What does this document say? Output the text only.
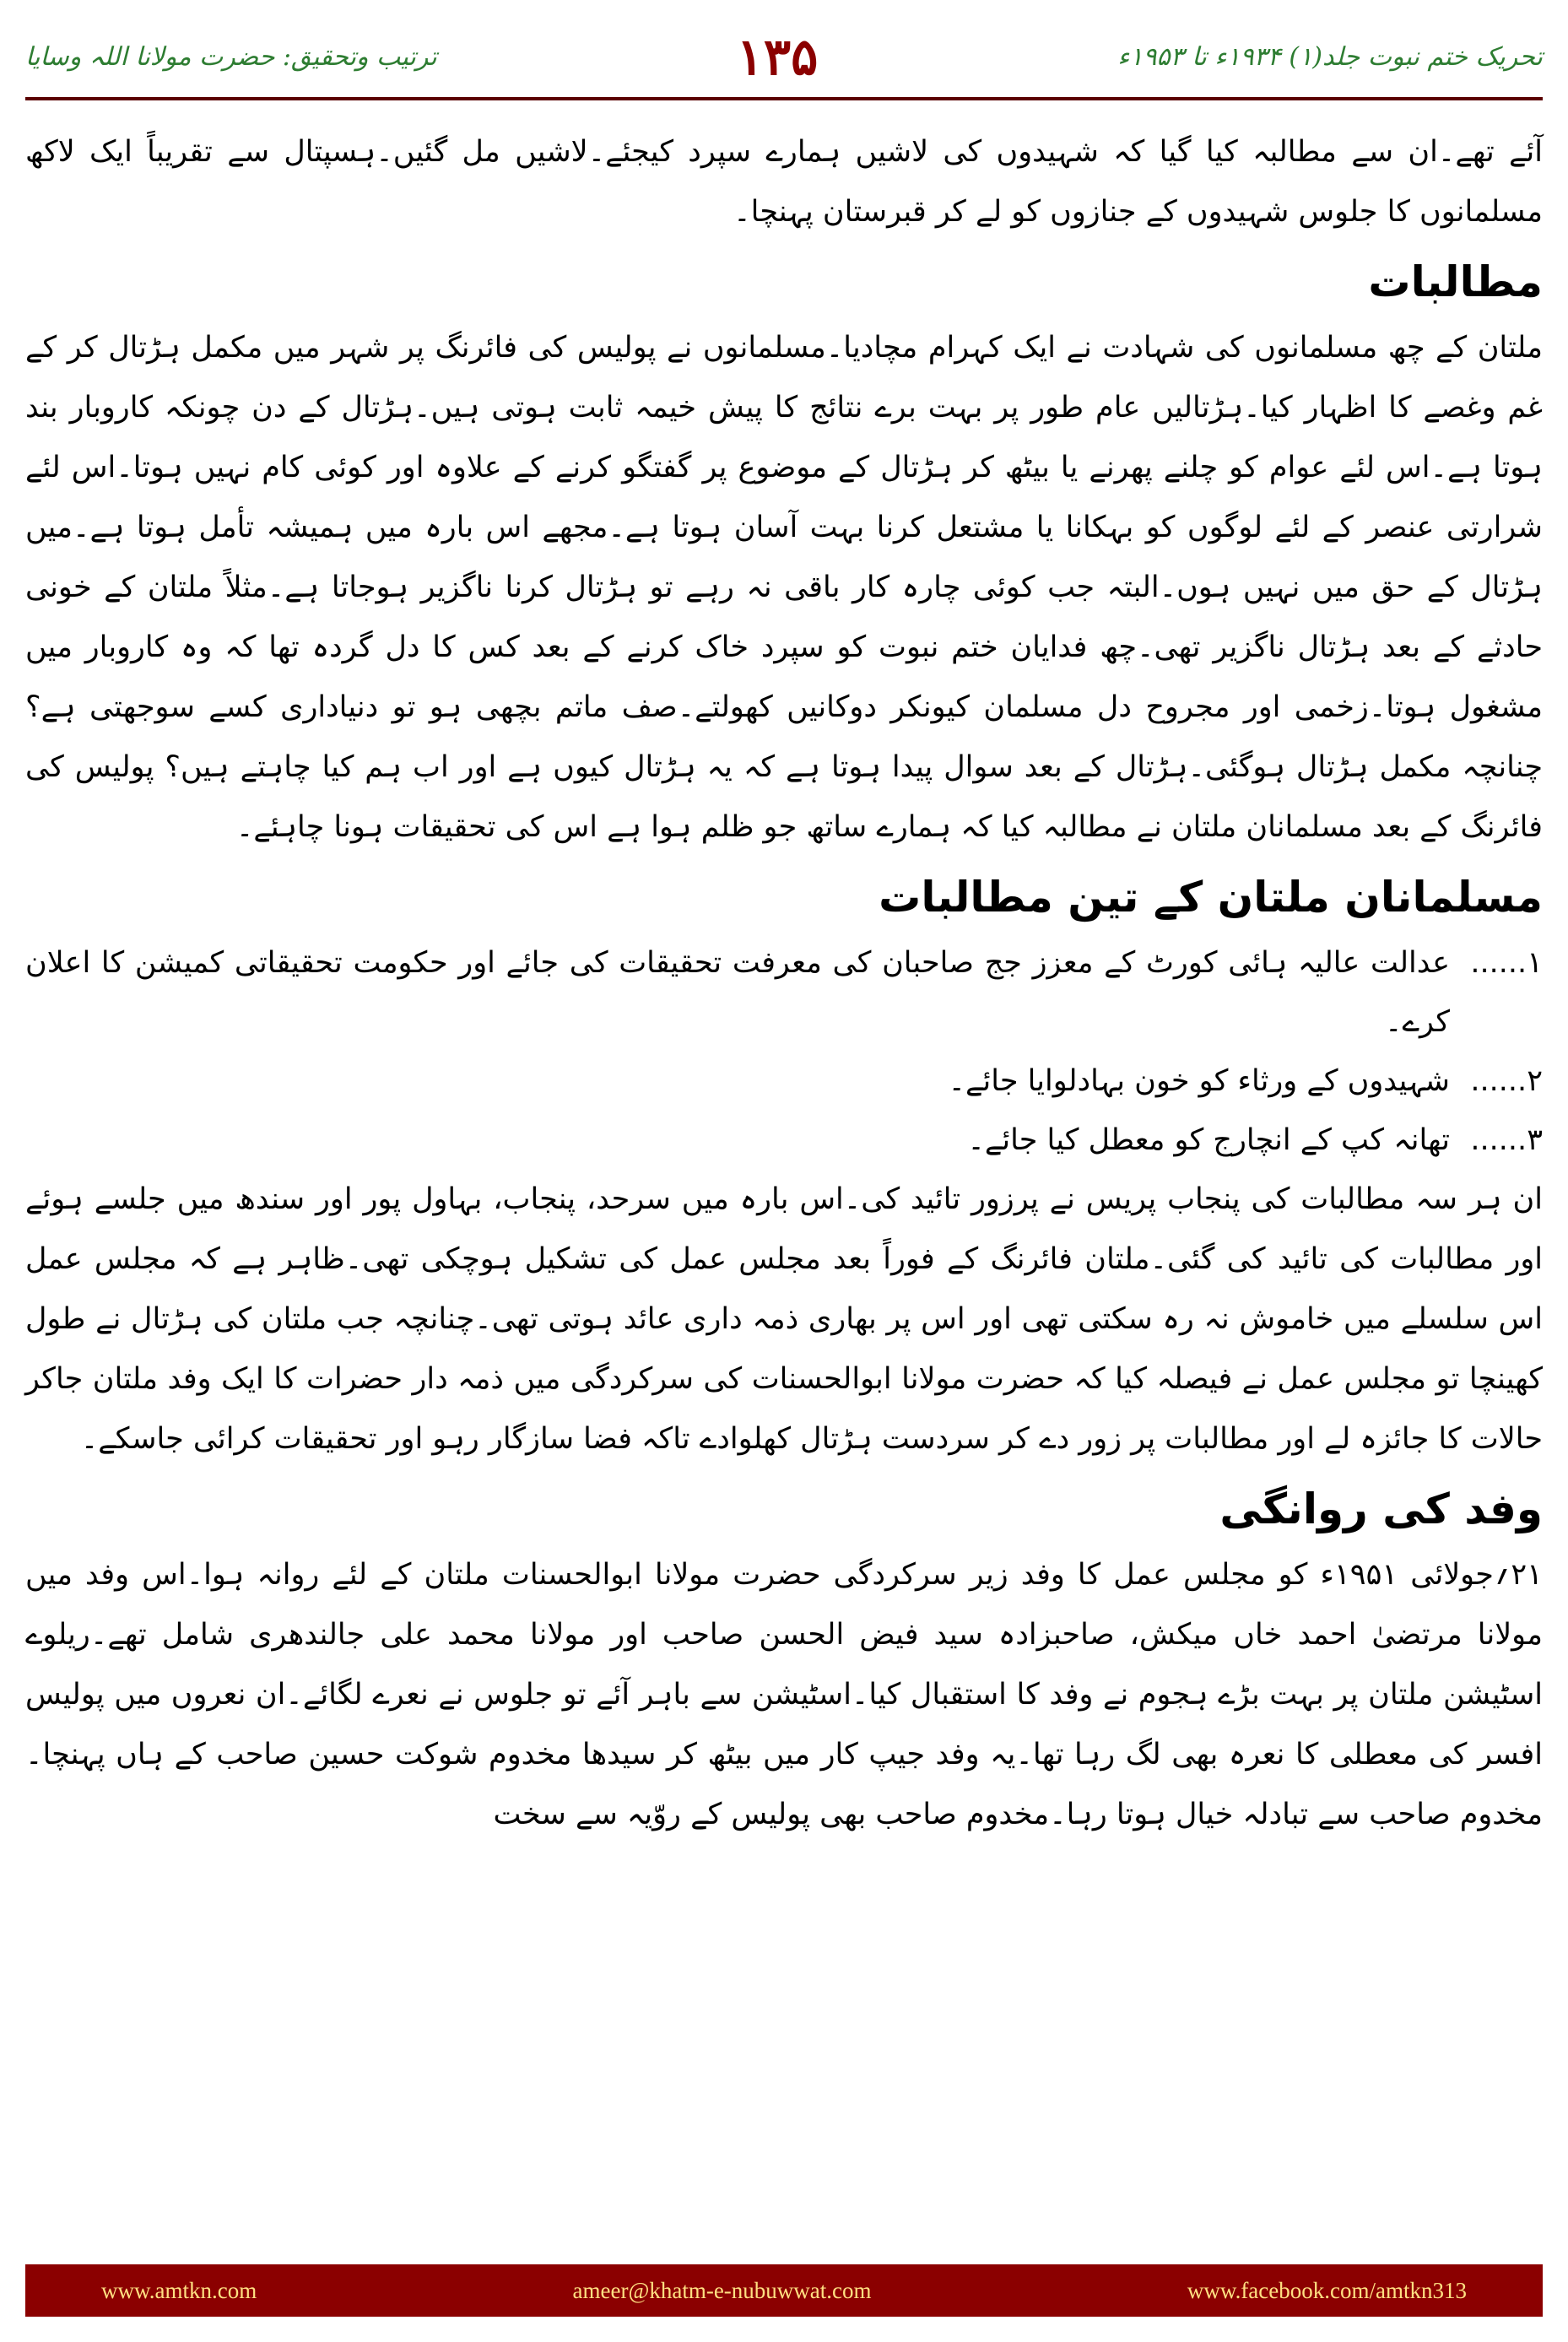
ترتیب وتحقیق: حضرت مولانا اللہ وسایا	۱۳۵	تحریک ختم نبوت جلد(۱) ۱۹۳۴ء تا ۱۹۵۳ء

آئے تھے۔ان سے مطالبہ کیا گیا کہ شہیدوں کی لاشیں ہمارے سپرد کیجئے۔لاشیں مل گئیں۔ہسپتال سے تقریباً ایک لاکھ مسلمانوں کا جلوس شہیدوں کے جنازوں کو لے کر قبرستان پہنچا۔

مطالبات

ملتان کے چھ مسلمانوں کی شہادت نے ایک کہرام مچادیا۔مسلمانوں نے پولیس کی فائرنگ پر شہر میں مکمل ہڑتال کر کے غم وغصے کا اظہار کیا۔ہڑتالیں عام طور پر بہت برے نتائج کا پیش خیمہ ثابت ہوتی ہیں۔ہڑتال کے دن چونکہ کاروبار بند ہوتا ہے۔اس لئے عوام کو چلنے پھرنے یا بیٹھ کر ہڑتال کے موضوع پر گفتگو کرنے کے علاوہ اور کوئی کام نہیں ہوتا۔اس لئے شرارتی عنصر کے لئے لوگوں کو بہکانا یا مشتعل کرنا بہت آسان ہوتا ہے۔مجھے اس بارہ میں ہمیشہ تأمل ہوتا ہے۔میں ہڑتال کے حق میں نہیں ہوں۔البتہ جب کوئی چارہ کار باقی نہ رہے تو ہڑتال کرنا ناگزیر ہوجاتا ہے۔مثلاً ملتان کے خونی حادثے کے بعد ہڑتال ناگزیر تھی۔چھ فدایان ختم نبوت کو سپرد خاک کرنے کے بعد کس کا دل گردہ تھا کہ وہ کاروبار میں مشغول ہوتا۔زخمی اور مجروح دل مسلمان کیونکر دوکانیں کھولتے۔صف ماتم بچھی ہو تو دنیاداری کسے سوجھتی ہے؟ چنانچہ مکمل ہڑتال ہوگئی۔ہڑتال کے بعد سوال پیدا ہوتا ہے کہ یہ ہڑتال کیوں ہے اور اب ہم کیا چاہتے ہیں؟ پولیس کی فائرنگ کے بعد مسلمانان ملتان نے مطالبہ کیا کہ ہمارے ساتھ جو ظلم ہوا ہے اس کی تحقیقات ہونا چاہئے۔

مسلمانان ملتان کے تین مطالبات
۱......
عدالت عالیہ ہائی کورٹ کے معزز جج صاحبان کی معرفت تحقیقات کی جائے اور حکومت تحقیقاتی کمیشن کا اعلان کرے۔
۲......
شہیدوں کے ورثاء کو خون بہادلوایا جائے۔
۳......
تھانہ کپ کے انچارج کو معطل کیا جائے۔

ان ہر سہ مطالبات کی پنجاب پریس نے پرزور تائید کی۔اس بارہ میں سرحد، پنجاب، بہاول پور اور سندھ میں جلسے ہوئے اور مطالبات کی تائید کی گئی۔ملتان فائرنگ کے فوراً بعد مجلس عمل کی تشکیل ہوچکی تھی۔ظاہر ہے کہ مجلس عمل اس سلسلے میں خاموش نہ رہ سکتی تھی اور اس پر بھاری ذمہ داری عائد ہوتی تھی۔چنانچہ جب ملتان کی ہڑتال نے طول کھینچا تو مجلس عمل نے فیصلہ کیا کہ حضرت مولانا ابوالحسنات کی سرکردگی میں ذمہ دار حضرات کا ایک وفد ملتان جاکر حالات کا جائزہ لے اور مطالبات پر زور دے کر سردست ہڑتال کھلوادے تاکہ فضا سازگار رہو اور تحقیقات کرائی جاسکے۔

وفد کی روانگی

۲۱؍جولائی ۱۹۵۱ء کو مجلس عمل کا وفد زیر سرکردگی حضرت مولانا ابوالحسنات ملتان کے لئے روانہ ہوا۔اس وفد میں مولانا مرتضیٰ احمد خاں میکش، صاحبزادہ سید فیض الحسن صاحب اور مولانا محمد علی جالندھری شامل تھے۔ریلوے اسٹیشن ملتان پر بہت بڑے ہجوم نے وفد کا استقبال کیا۔اسٹیشن سے باہر آئے تو جلوس نے نعرے لگائے۔ان نعروں میں پولیس افسر کی معطلی کا نعرہ بھی لگ رہا تھا۔یہ وفد جیپ کار میں بیٹھ کر سیدھا مخدوم شوکت حسین صاحب کے ہاں پہنچا۔مخدوم صاحب سے تبادلہ خیال ہوتا رہا۔مخدوم صاحب بھی پولیس کے روّیہ سے سخت

www.amtkn.com	ameer@khatm-e-nubuwwat.com	www.facebook.com/amtkn313
